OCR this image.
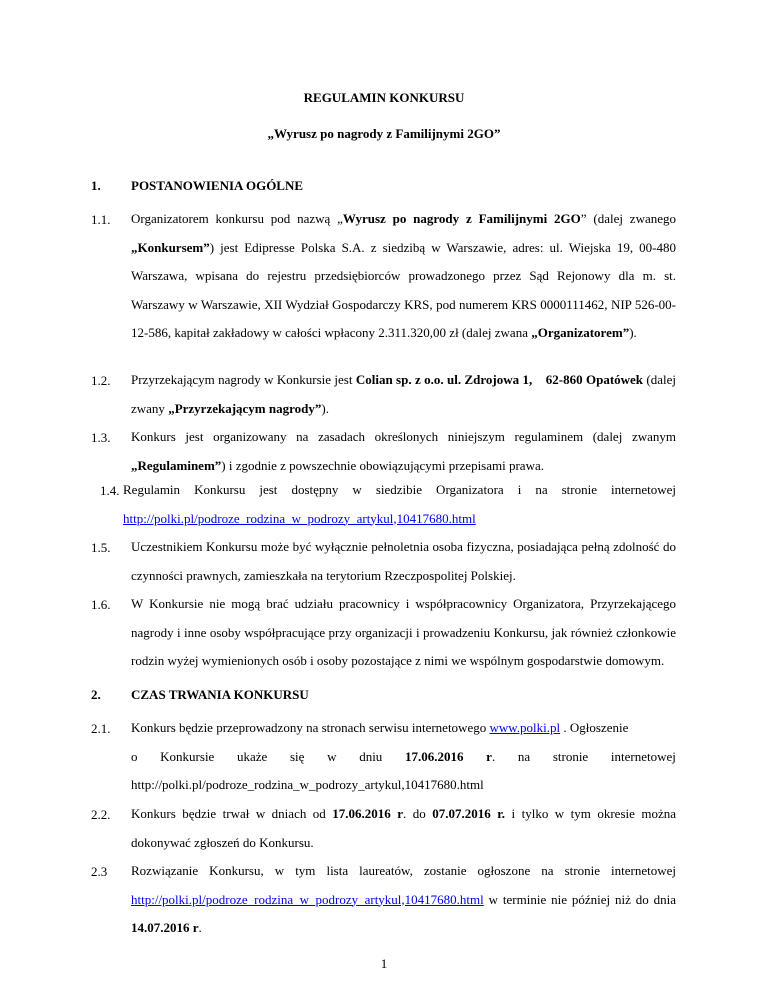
REGULAMIN KONKURSU
„Wyrusz po nagrody z Familijnymi 2GO”
1. POSTANOWIENIA OGÓLNE
1.1. Organizatorem konkursu pod nazwą „Wyrusz po nagrody z Familijnymi 2GO” (dalej zwanego „Konkursem”) jest Edipresse Polska S.A. z siedzibą w Warszawie, adres: ul. Wiejska 19, 00-480 Warszawa, wpisana do rejestru przedsiębiorców prowadzonego przez Sąd Rejonowy dla m. st. Warszawy w Warszawie, XII Wydział Gospodarczy KRS, pod numerem KRS 0000111462, NIP 526-00-12-586, kapitał zakładowy w całości wpłacony 2.311.320,00 zł (dalej zwana „Organizatorem”).
1.2. Przyrzekającym nagrody w Konkursie jest Colian sp. z o.o. ul. Zdrojowa 1, 62-860 Opatówek (dalej zwany „Przyrzekającym nagrody”).
1.3. Konkurs jest organizowany na zasadach określonych niniejszym regulaminem (dalej zwanym „Regulaminem”) i zgodnie z powszechnie obowiązującymi przepisami prawa.
1.4. Regulamin Konkursu jest dostępny w siedzibie Organizatora i na stronie internetowej http://polki.pl/podroze_rodzina_w_podrozy_artykul,10417680.html
1.5. Uczestnikiem Konkursu może być wyłącznie pełnoletnia osoba fizyczna, posiadająca pełną zdolność do czynności prawnych, zamieszkała na terytorium Rzeczpospolitej Polskiej.
1.6. W Konkursie nie mogą brać udziału pracownicy i współpracownicy Organizatora, Przyrzekającego nagrody i inne osoby współpracujące przy organizacji i prowadzeniu Konkursu, jak również członkowie rodzin wyżej wymienionych osób i osoby pozostające z nimi we wspólnym gospodarstwie domowym.
2. CZAS TRWANIA KONKURSU
2.1. Konkurs będzie przeprowadzony na stronach serwisu internetowego www.polki.pl . Ogłoszenie
o Konkursie ukaże się w dniu 17.06.2016 r. na stronie internetowej
http://polki.pl/podroze_rodzina_w_podrozy_artykul,10417680.html
2.2. Konkurs będzie trwał w dniach od 17.06.2016 r. do 07.07.2016 r. i tylko w tym okresie można dokonywać zgłoszeń do Konkursu.
2.3 Rozwiązanie Konkursu, w tym lista laureatów, zostanie ogłoszone na stronie internetowej http://polki.pl/podroze_rodzina_w_podrozy_artykul,10417680.html w terminie nie później niż do dnia 14.07.2016 r.
1
